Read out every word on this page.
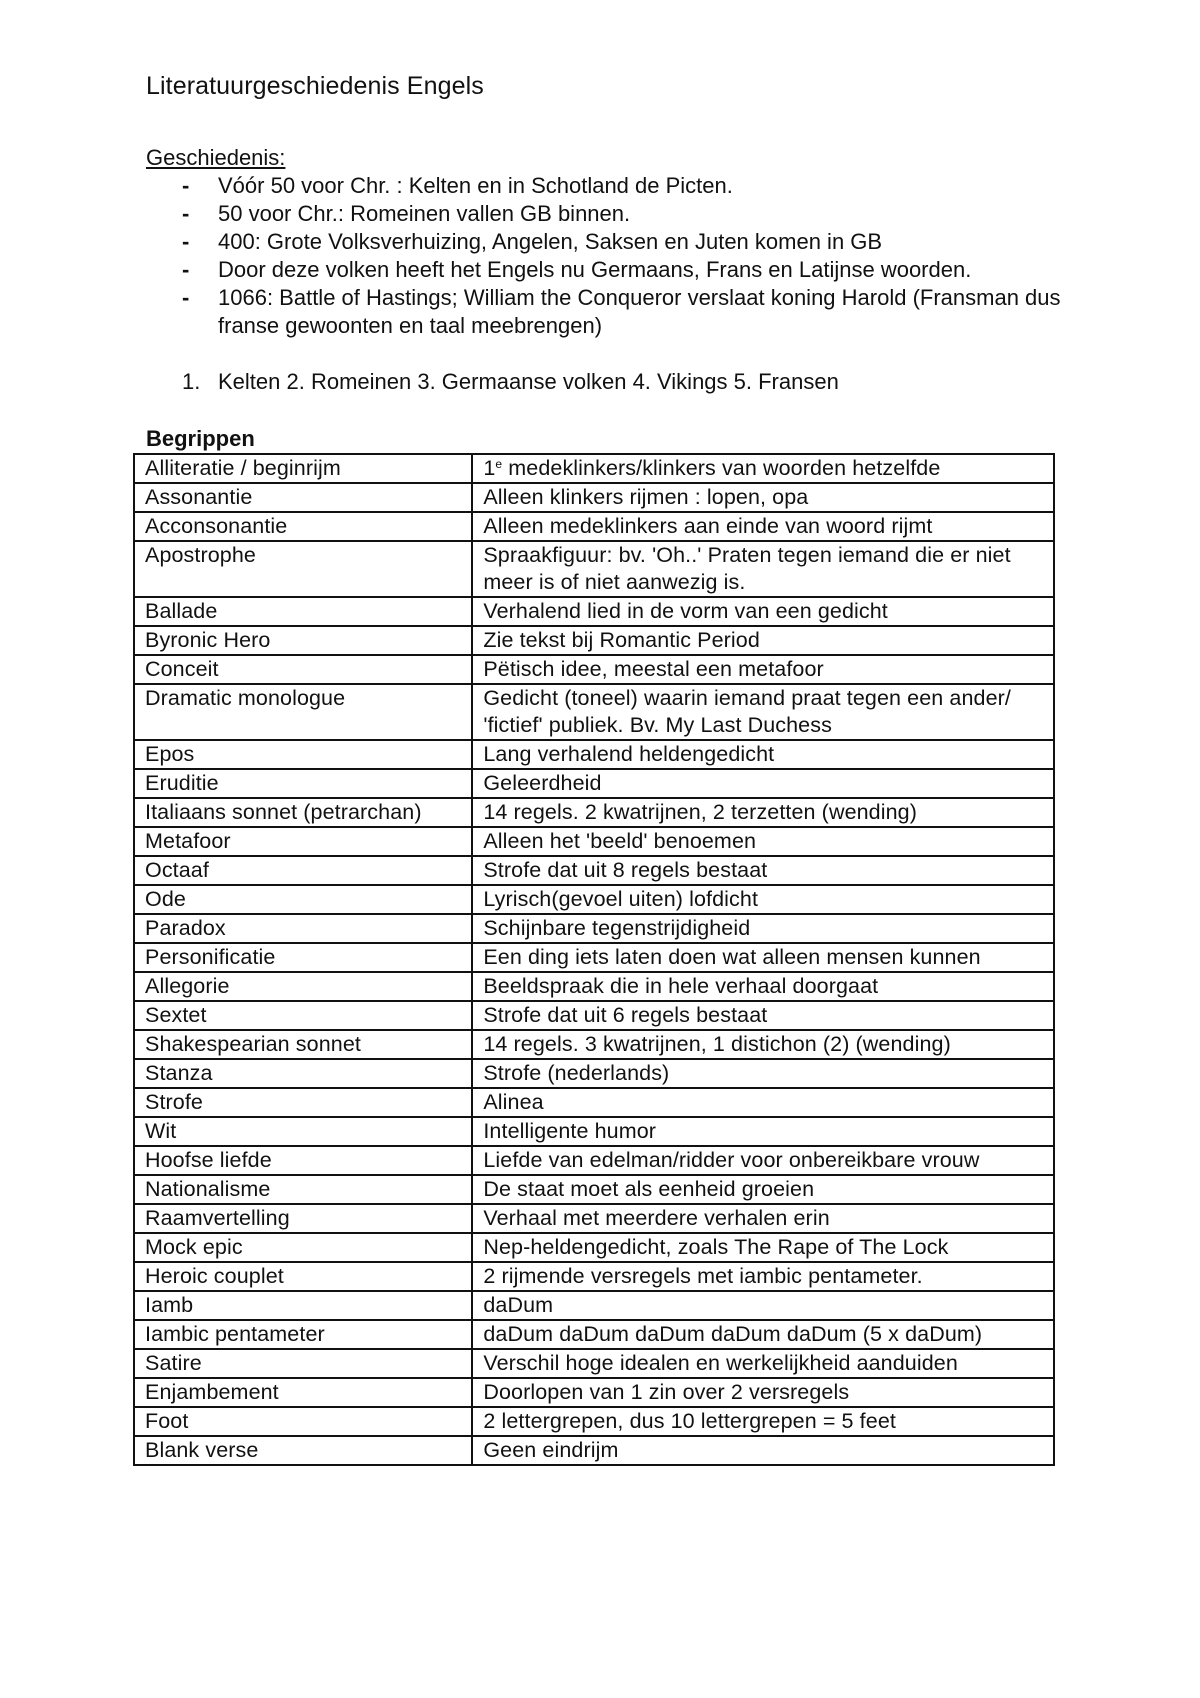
Literatuurgeschiedenis Engels
Geschiedenis:
- Vóór 50 voor Chr. : Kelten en in Schotland de Picten.
- 50 voor Chr.: Romeinen vallen GB binnen.
- 400: Grote Volksverhuizing, Angelen, Saksen en Juten komen in GB
- Door deze volken heeft het Engels nu Germaans, Frans en Latijnse woorden.
- 1066: Battle of Hastings; William the Conqueror verslaat koning Harold (Fransman dus franse gewoonten en taal meebrengen)
1. Kelten 2. Romeinen 3. Germaanse volken 4. Vikings 5. Fransen
Begrippen
Alliteratie / beginrijm	1e medeklinkers/klinkers van woorden hetzelfde
Assonantie	Alleen klinkers rijmen : lopen, opa
Acconsonantie	Alleen medeklinkers aan einde van woord rijmt
Apostrophe	Spraakfiguur: bv. 'Oh..' Praten tegen iemand die er niet meer is of niet aanwezig is.
Ballade	Verhalend lied in de vorm van een gedicht
Byronic Hero	Zie tekst bij Romantic Period
Conceit	Pëtisch idee, meestal een metafoor
Dramatic monologue	Gedicht (toneel) waarin iemand praat tegen een ander/ 'fictief' publiek. Bv. My Last Duchess
Epos	Lang verhalend heldengedicht
Eruditie	Geleerdheid
Italiaans sonnet (petrarchan)	14 regels. 2 kwatrijnen, 2 terzetten (wending)
Metafoor	Alleen het 'beeld' benoemen
Octaaf	Strofe dat uit 8 regels bestaat
Ode	Lyrisch(gevoel uiten) lofdicht
Paradox	Schijnbare tegenstrijdigheid
Personificatie	Een ding iets laten doen wat alleen mensen kunnen
Allegorie	Beeldspraak die in hele verhaal doorgaat
Sextet	Strofe dat uit 6 regels bestaat
Shakespearian sonnet	14 regels. 3 kwatrijnen, 1 distichon (2) (wending)
Stanza	Strofe (nederlands)
Strofe	Alinea
Wit	Intelligente humor
Hoofse liefde	Liefde van edelman/ridder voor onbereikbare vrouw
Nationalisme	De staat moet als eenheid groeien
Raamvertelling	Verhaal met meerdere verhalen erin
Mock epic	Nep-heldengedicht, zoals The Rape of The Lock
Heroic couplet	2 rijmende versregels met iambic pentameter.
Iamb	daDum
Iambic pentameter	daDum daDum daDum daDum daDum (5 x daDum)
Satire	Verschil hoge idealen en werkelijkheid aanduiden
Enjambement	Doorlopen van 1 zin over 2 versregels
Foot	2 lettergrepen, dus 10 lettergrepen = 5 feet
Blank verse	Geen eindrijm
